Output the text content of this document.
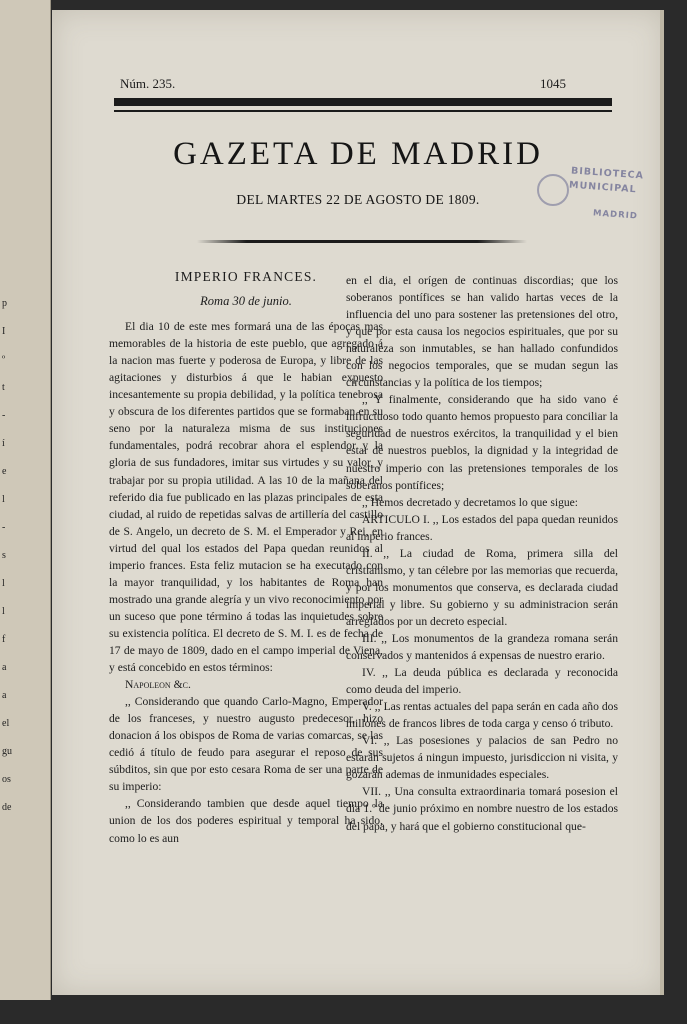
p
I
º
t
-
í
e
l
-
s
l
l
f
a
a
el
gu
os
de
Núm. 235.	1045
GAZETA DE MADRID
DEL MARTES 22 DE AGOSTO DE 1809.
BIBLIOTECA
MUNICIPAL
MADRID

IMPERIO FRANCES.

Roma 30 de junio.

El dia 10 de este mes formará una de las épocas mas memorables de la historia de este pueblo, que agregado á la nacion mas fuerte y poderosa de Europa, y libre de las agitaciones y disturbios á que le habian expuesto incesantemente su propia debilidad, y la política tenebrosa y obscura de los diferentes partidos que se formaban en su seno por la naturaleza misma de sus instituciones fundamentales, podrá recobrar ahora el esplendor y la gloria de sus fundadores, imitar sus virtudes y su valor, y trabajar por su propia utilidad. A las 10 de la mañana del referido dia fue publicado en las plazas principales de esta ciudad, al ruido de repetidas salvas de artillería del castillo de S. Angelo, un decreto de S. M. el Emperador y Rei, en virtud del qual los estados del Papa quedan reunidos al imperio frances. Esta feliz mutacion se ha executado con la mayor tranquilidad, y los habitantes de Roma han mostrado una grande alegría y un vivo reconocimiento por un suceso que pone término á todas las inquietudes sobre su existencia política. El decreto de S. M. I. es de fecha de 17 de mayo de 1809, dado en el campo imperial de Viena, y está concebido en estos términos:

Napoleon &c.

,, Considerando que quando Carlo-Magno, Emperador de los franceses, y nuestro augusto predecesor, hizo donacion á los obispos de Roma de varias comarcas, se las cedió á título de feudo para asegurar el reposo de sus súbditos, sin que por esto cesara Roma de ser una parte de su imperio:

,, Considerando tambien que desde aquel tiempo la union de los dos poderes espiritual y temporal ha sido, como lo es aun

en el dia, el orígen de continuas discordias; que los soberanos pontífices se han valido hartas veces de la influencia del uno para sostener las pretensiones del otro, y que por esta causa los negocios espirituales, que por su naturaleza son inmutables, se han hallado confundidos con los negocios temporales, que se mudan segun las circunstancias y la política de los tiempos;

,, Y finalmente, considerando que ha sido vano é infructuoso todo quanto hemos propuesto para conciliar la seguridad de nuestros exércitos, la tranquilidad y el bien estar de nuestros pueblos, la dignidad y la integridad de nuestro imperio con las pretensiones temporales de los soberanos pontífices;

,, Hemos decretado y decretamos lo que sigue:

ARTICULO I. ,, Los estados del papa quedan reunidos al imperio frances.

II. ,, La ciudad de Roma, primera silla del cristianismo, y tan célebre por las memorias que recuerda, y por los monumentos que conserva, es declarada ciudad imperial y libre. Su gobierno y su administracion serán arreglados por un decreto especial.

III. ,, Los monumentos de la grandeza romana serán conservados y mantenidos á expensas de nuestro erario.

IV. ,, La deuda pública es declarada y reconocida como deuda del imperio.

V. ,, Las rentas actuales del papa serán en cada año dos millones de francos libres de toda carga y censo ó tributo.

VI. ,, Las posesiones y palacios de san Pedro no estarán sujetos á ningun impuesto, jurisdiccion ni visita, y gozarán ademas de inmunidades especiales.

VII. ,, Una consulta extraordinaria tomará posesion el dia 1.º de junio próximo en nombre nuestro de los estados del papa, y hará que el gobierno constitucional que-
